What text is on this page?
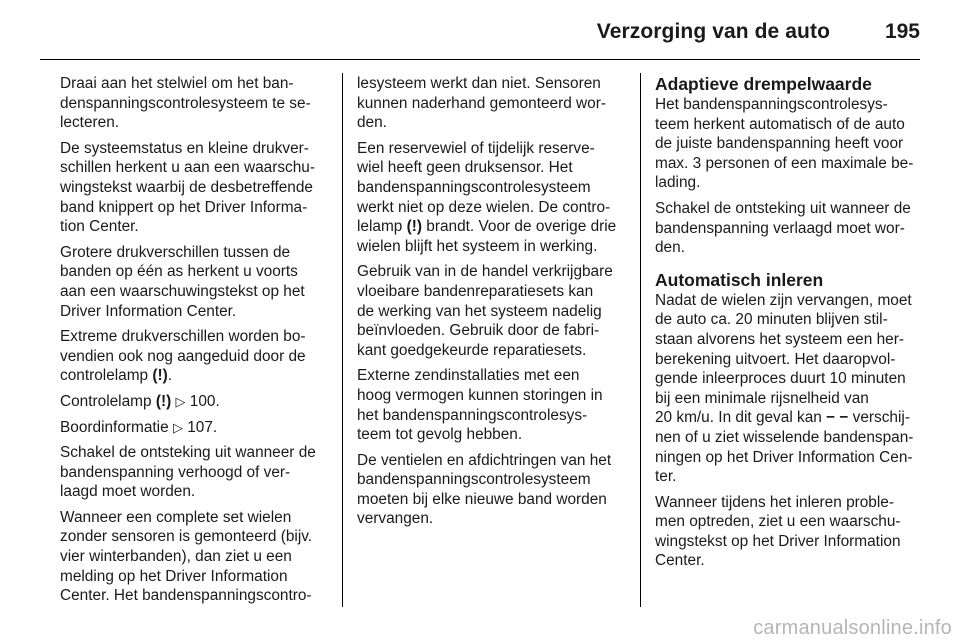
Verzorging van de auto	195

Draai aan het stelwiel om het ban-
denspanningscontrolesysteem te se-
lecteren.

De systeemstatus en kleine drukver-
schillen herkent u aan een waarschu-
wingstekst waarbij de desbetreffende
band knippert op het Driver Informa-
tion Center.

Grotere drukverschillen tussen de
banden op één as herkent u voorts
aan een waarschuwingstekst op het
Driver Information Center.

Extreme drukverschillen worden bo-
vendien ook nog aangeduid door de
controlelamp (!).

Controlelamp (!) ▷ 100.

Boordinformatie ▷ 107.

Schakel de ontsteking uit wanneer de
bandenspanning verhoogd of ver-
laagd moet worden.

Wanneer een complete set wielen
zonder sensoren is gemonteerd (bijv.
vier winterbanden), dan ziet u een
melding op het Driver Information
Center. Het bandenspanningscontro-

lesysteem werkt dan niet. Sensoren
kunnen naderhand gemonteerd wor-
den.

Een reservewiel of tijdelijk reserve-
wiel heeft geen druksensor. Het
bandenspanningscontrolesysteem
werkt niet op deze wielen. De contro-
lelamp (!) brandt. Voor de overige drie
wielen blijft het systeem in werking.

Gebruik van in de handel verkrijgbare
vloeibare bandenreparatiesets kan
de werking van het systeem nadelig
beïnvloeden. Gebruik door de fabri-
kant goedgekeurde reparatiesets.

Externe zendinstallaties met een
hoog vermogen kunnen storingen in
het bandenspanningscontrolesys-
teem tot gevolg hebben.

De ventielen en afdichtringen van het
bandenspanningscontrolesysteem
moeten bij elke nieuwe band worden
vervangen.

Adaptieve drempelwaarde

Het bandenspanningscontrolesys-
teem herkent automatisch of de auto
de juiste bandenspanning heeft voor
max. 3 personen of een maximale be-
lading.

Schakel de ontsteking uit wanneer de
bandenspanning verlaagd moet wor-
den.

Automatisch inleren

Nadat de wielen zijn vervangen, moet
de auto ca. 20 minuten blijven stil-
staan alvorens het systeem een her-
berekening uitvoert. Het daaropvol-
gende inleerproces duurt 10 minuten
bij een minimale rijsnelheid van
20 km/u. In dit geval kan − − verschij-
nen of u ziet wisselende bandenspan-
ningen op het Driver Information Cen-
ter.

Wanneer tijdens het inleren proble-
men optreden, ziet u een waarschu-
wingstekst op het Driver Information
Center.

carmanualsonline.info
